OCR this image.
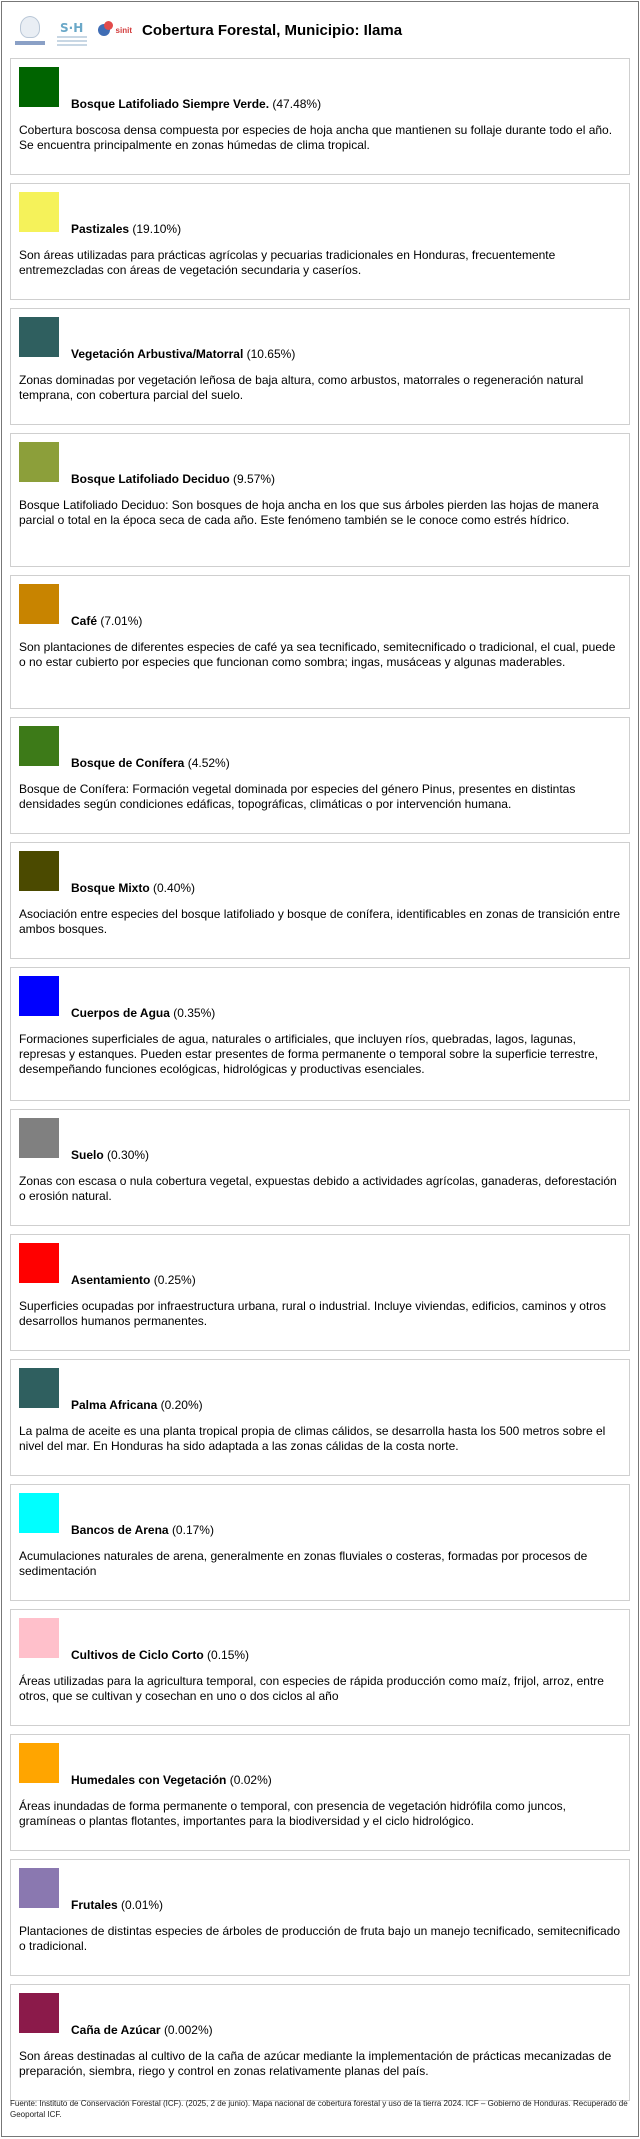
S·H	sinit Cobertura Forestal, Municipio: Ilama
Bosque Latifoliado Siempre Verde. (47.48%)
Cobertura boscosa densa compuesta por especies de hoja ancha que mantienen su follaje durante todo el año. Se encuentra principalmente en zonas húmedas de clima tropical.
Pastizales (19.10%)
Son áreas utilizadas para prácticas agrícolas y pecuarias tradicionales en Honduras, frecuentemente entremezcladas con áreas de vegetación secundaria y caseríos.
Vegetación Arbustiva/Matorral (10.65%)
Zonas dominadas por vegetación leñosa de baja altura, como arbustos, matorrales o regeneración natural temprana, con cobertura parcial del suelo.
Bosque Latifoliado Deciduo (9.57%)
Bosque Latifoliado Deciduo: Son bosques de hoja ancha en los que sus árboles pierden las hojas de manera parcial o total en la época seca de cada año. Este fenómeno también se le conoce como estrés hídrico.
Café (7.01%)
Son plantaciones de diferentes especies de café ya sea tecnificado, semitecnificado o tradicional, el cual, puede o no estar cubierto por especies que funcionan como sombra; ingas, musáceas y algunas maderables.
Bosque de Conífera (4.52%)
Bosque de Conífera: Formación vegetal dominada por especies del género Pinus, presentes en distintas densidades según condiciones edáficas, topográficas, climáticas o por intervención humana.
Bosque Mixto (0.40%)
Asociación entre especies del bosque latifoliado y bosque de conífera, identificables en zonas de transición entre ambos bosques.
Cuerpos de Agua (0.35%)
Formaciones superficiales de agua, naturales o artificiales, que incluyen ríos, quebradas, lagos, lagunas, represas y estanques. Pueden estar presentes de forma permanente o temporal sobre la superficie terrestre, desempeñando funciones ecológicas, hidrológicas y productivas esenciales.
Suelo (0.30%)
Zonas con escasa o nula cobertura vegetal, expuestas debido a actividades agrícolas, ganaderas, deforestación o erosión natural.
Asentamiento (0.25%)
Superficies ocupadas por infraestructura urbana, rural o industrial. Incluye viviendas, edificios, caminos y otros desarrollos humanos permanentes.
Palma Africana (0.20%)
La palma de aceite es una planta tropical propia de climas cálidos, se desarrolla hasta los 500 metros sobre el nivel del mar. En Honduras ha sido adaptada a las zonas cálidas de la costa norte.
Bancos de Arena (0.17%)
Acumulaciones naturales de arena, generalmente en zonas fluviales o costeras, formadas por procesos de sedimentación
Cultivos de Ciclo Corto (0.15%)
Áreas utilizadas para la agricultura temporal, con especies de rápida producción como maíz, frijol, arroz, entre otros, que se cultivan y cosechan en uno o dos ciclos al año
Humedales con Vegetación (0.02%)
Áreas inundadas de forma permanente o temporal, con presencia de vegetación hidrófila como juncos, gramíneas o plantas flotantes, importantes para la biodiversidad y el ciclo hidrológico.
Frutales (0.01%)
Plantaciones de distintas especies de árboles de producción de fruta bajo un manejo tecnificado, semitecnificado o tradicional.
Caña de Azúcar (0.002%)
Son áreas destinadas al cultivo de la caña de azúcar mediante la implementación de prácticas mecanizadas de preparación, siembra, riego y control en zonas relativamente planas del país.
Fuente: Instituto de Conservación Forestal (ICF). (2025, 2 de junio). Mapa nacional de cobertura forestal y uso de la tierra 2024. ICF – Gobierno de Honduras. Recuperado de Geoportal ICF.
